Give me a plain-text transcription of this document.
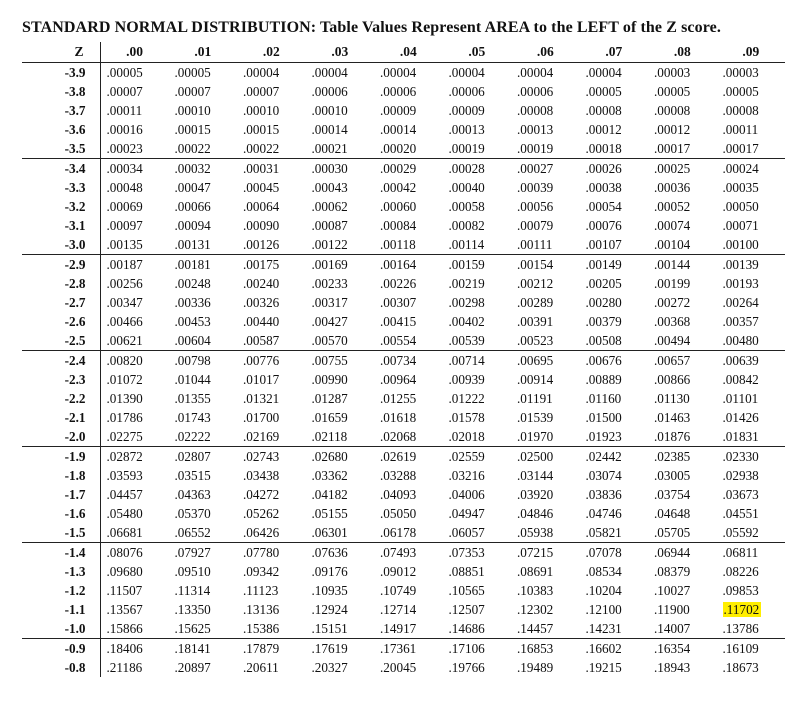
STANDARD NORMAL DISTRIBUTION: Table Values Represent AREA to the LEFT of the Z score.
Z	.00	.01	.02	.03	.04	.05	.06	.07	.08	.09
-3.9	.00005	.00005	.00004	.00004	.00004	.00004	.00004	.00004	.00003	.00003
-3.8	.00007	.00007	.00007	.00006	.00006	.00006	.00006	.00005	.00005	.00005
-3.7	.00011	.00010	.00010	.00010	.00009	.00009	.00008	.00008	.00008	.00008
-3.6	.00016	.00015	.00015	.00014	.00014	.00013	.00013	.00012	.00012	.00011
-3.5	.00023	.00022	.00022	.00021	.00020	.00019	.00019	.00018	.00017	.00017
-3.4	.00034	.00032	.00031	.00030	.00029	.00028	.00027	.00026	.00025	.00024
-3.3	.00048	.00047	.00045	.00043	.00042	.00040	.00039	.00038	.00036	.00035
-3.2	.00069	.00066	.00064	.00062	.00060	.00058	.00056	.00054	.00052	.00050
-3.1	.00097	.00094	.00090	.00087	.00084	.00082	.00079	.00076	.00074	.00071
-3.0	.00135	.00131	.00126	.00122	.00118	.00114	.00111	.00107	.00104	.00100
-2.9	.00187	.00181	.00175	.00169	.00164	.00159	.00154	.00149	.00144	.00139
-2.8	.00256	.00248	.00240	.00233	.00226	.00219	.00212	.00205	.00199	.00193
-2.7	.00347	.00336	.00326	.00317	.00307	.00298	.00289	.00280	.00272	.00264
-2.6	.00466	.00453	.00440	.00427	.00415	.00402	.00391	.00379	.00368	.00357
-2.5	.00621	.00604	.00587	.00570	.00554	.00539	.00523	.00508	.00494	.00480
-2.4	.00820	.00798	.00776	.00755	.00734	.00714	.00695	.00676	.00657	.00639
-2.3	.01072	.01044	.01017	.00990	.00964	.00939	.00914	.00889	.00866	.00842
-2.2	.01390	.01355	.01321	.01287	.01255	.01222	.01191	.01160	.01130	.01101
-2.1	.01786	.01743	.01700	.01659	.01618	.01578	.01539	.01500	.01463	.01426
-2.0	.02275	.02222	.02169	.02118	.02068	.02018	.01970	.01923	.01876	.01831
-1.9	.02872	.02807	.02743	.02680	.02619	.02559	.02500	.02442	.02385	.02330
-1.8	.03593	.03515	.03438	.03362	.03288	.03216	.03144	.03074	.03005	.02938
-1.7	.04457	.04363	.04272	.04182	.04093	.04006	.03920	.03836	.03754	.03673
-1.6	.05480	.05370	.05262	.05155	.05050	.04947	.04846	.04746	.04648	.04551
-1.5	.06681	.06552	.06426	.06301	.06178	.06057	.05938	.05821	.05705	.05592
-1.4	.08076	.07927	.07780	.07636	.07493	.07353	.07215	.07078	.06944	.06811
-1.3	.09680	.09510	.09342	.09176	.09012	.08851	.08691	.08534	.08379	.08226
-1.2	.11507	.11314	.11123	.10935	.10749	.10565	.10383	.10204	.10027	.09853
-1.1	.13567	.13350	.13136	.12924	.12714	.12507	.12302	.12100	.11900	.11702
-1.0	.15866	.15625	.15386	.15151	.14917	.14686	.14457	.14231	.14007	.13786
-0.9	.18406	.18141	.17879	.17619	.17361	.17106	.16853	.16602	.16354	.16109
-0.8	.21186	.20897	.20611	.20327	.20045	.19766	.19489	.19215	.18943	.18673
